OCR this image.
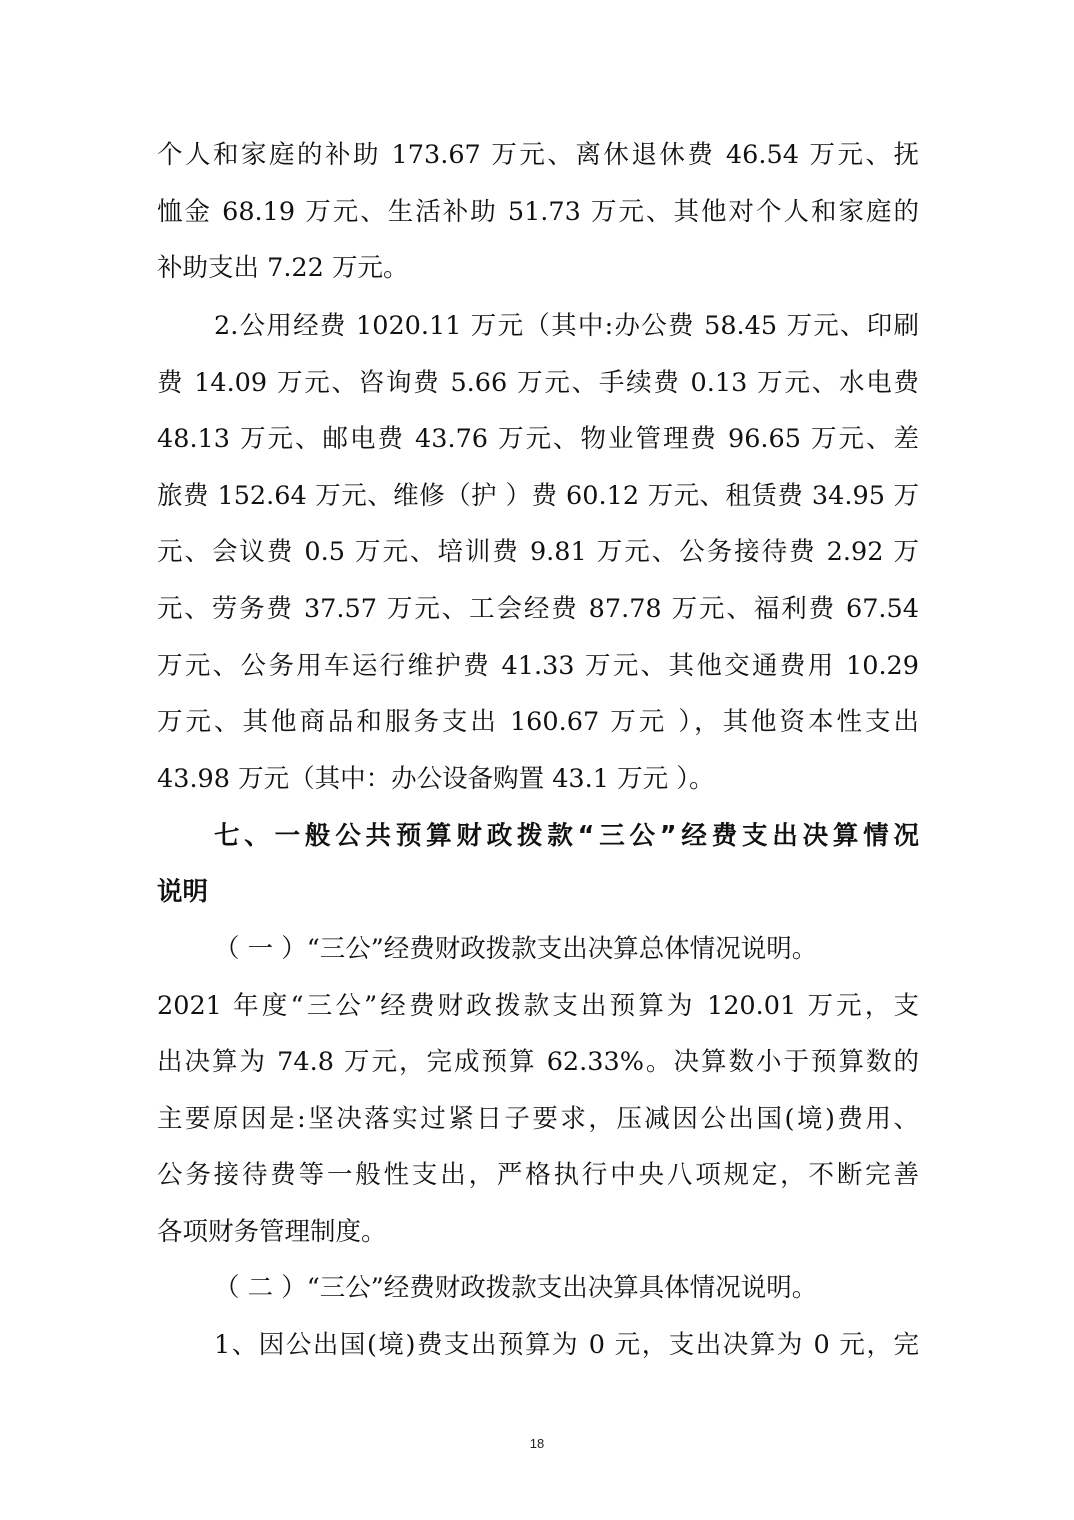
个人和家庭的补助 173.67 万元、离休退休费 46.54 万元、抚
恤金 68.19 万元、生活补助 51.73 万元、其他对个人和家庭的
补助支出 7.22 万元。
2.公用经费 1020.11 万元（其中:办公费 58.45 万元、印刷
费 14.09 万元、咨询费 5.66 万元、手续费 0.13 万元、水电费
48.13 万元、邮电费 43.76 万元、物业管理费 96.65 万元、差
旅费 152.64 万元、维修（护 ）费 60.12 万元、租赁费 34.95 万
元、会议费 0.5 万元、培训费 9.81 万元、公务接待费 2.92 万
元、劳务费 37.57 万元、工会经费 87.78 万元、福利费 67.54
万元、公务用车运行维护费 41.33 万元、其他交通费用 10.29
万元、其他商品和服务支出 160.67 万元 ），其他资本性支出
43.98 万元（其中：办公设备购置 43.1 万元 ）。
七、一般公共预算财政拨款“三公”经费支出决算情况
说明
（ 一 ）“三公”经费财政拨款支出决算总体情况说明。
2021 年度“三公”经费财政拨款支出预算为 120.01 万元，支
出决算为 74.8 万元，完成预算 62.33%。决算数小于预算数的
主要原因是:坚决落实过紧日子要求，压减因公出国(境)费用、
公务接待费等一般性支出，严格执行中央八项规定，不断完善
各项财务管理制度。
（ 二 ）“三公”经费财政拨款支出决算具体情况说明。
1、因公出国(境)费支出预算为 0 元，支出决算为 0 元，完
18
